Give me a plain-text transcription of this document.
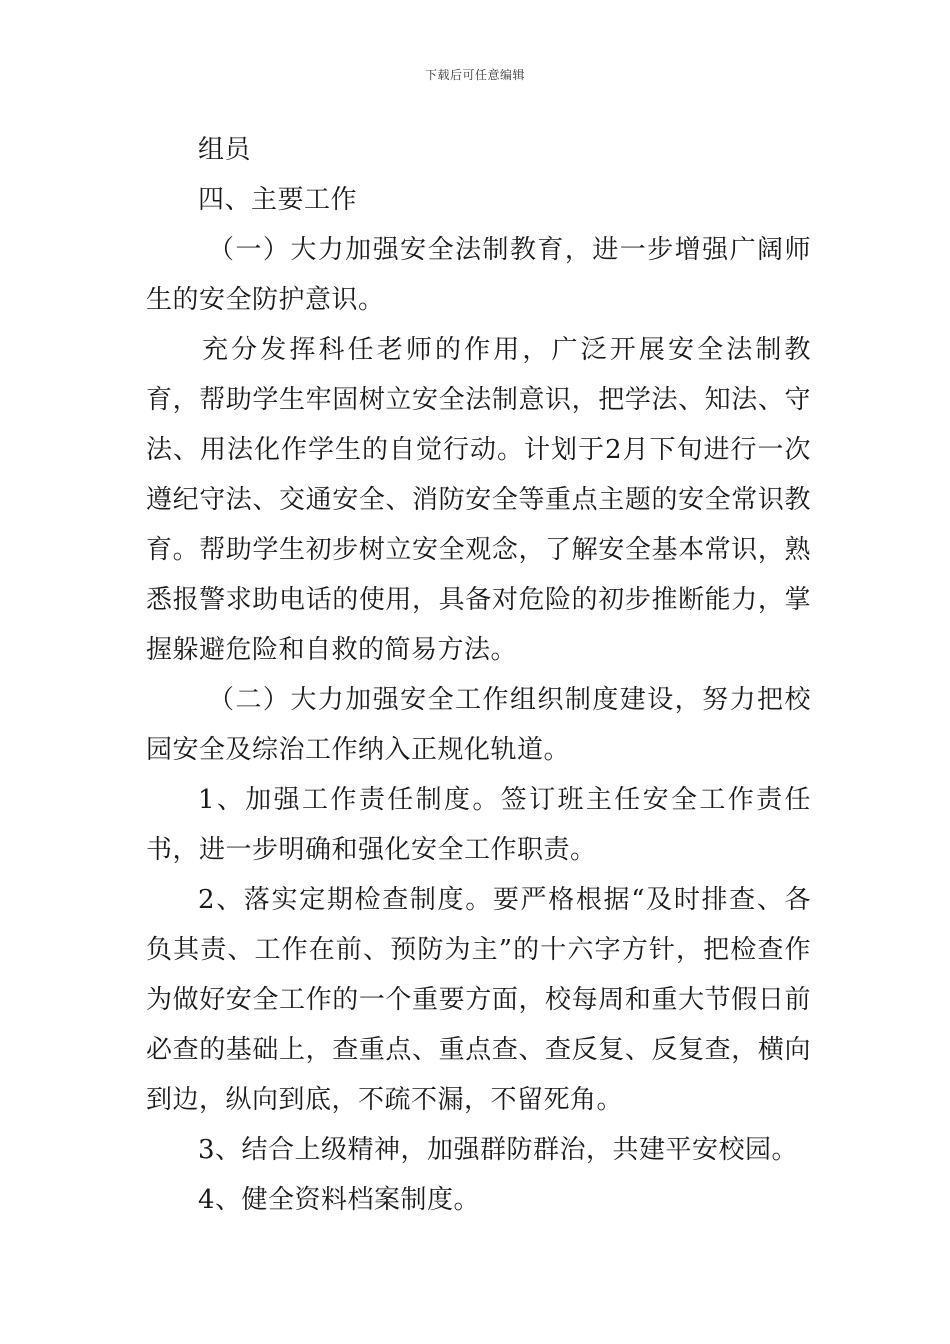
下载后可任意编辑

组员

四、主要工作

（一）大力加强安全法制教育，进一步增强广阔师生的安全防护意识。

充分发挥科任老师的作用，广泛开展安全法制教育，帮助学生牢固树立安全法制意识，把学法、知法、守法、用法化作学生的自觉行动。计划于2月下旬进行一次遵纪守法、交通安全、消防安全等重点主题的安全常识教育。帮助学生初步树立安全观念，了解安全基本常识，熟悉报警求助电话的使用，具备对危险的初步推断能力，掌握躲避危险和自救的简易方法。

（二）大力加强安全工作组织制度建设，努力把校园安全及综治工作纳入正规化轨道。

1、加强工作责任制度。签订班主任安全工作责任书，进一步明确和强化安全工作职责。

2、落实定期检查制度。要严格根据“及时排查、各负其责、工作在前、预防为主”的十六字方针，把检查作为做好安全工作的一个重要方面，校每周和重大节假日前必查的基础上，查重点、重点查、查反复、反复查，横向到边，纵向到底，不疏不漏，不留死角。

3、结合上级精神，加强群防群治，共建平安校园。

4、健全资料档案制度。
